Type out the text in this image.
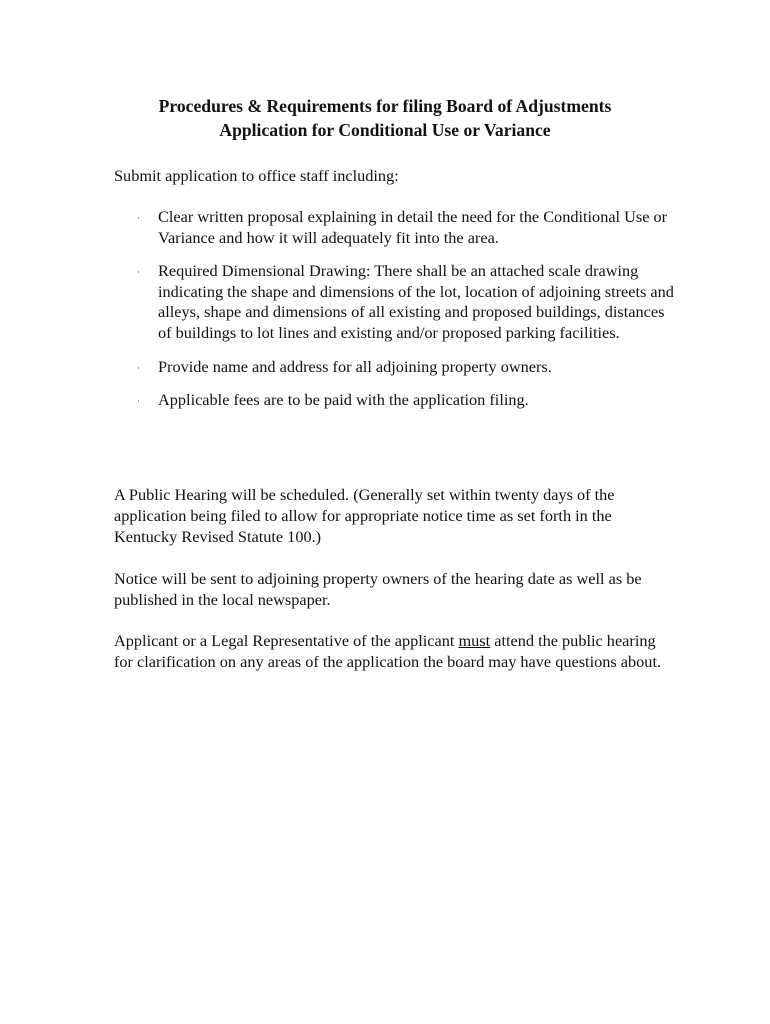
Procedures & Requirements for filing Board of Adjustments
Application for Conditional Use or Variance

Submit application to office staff including:

· Clear written proposal explaining in detail the need for the Conditional Use or Variance and how it will adequately fit into the area.
· Required Dimensional Drawing: There shall be an attached scale drawing indicating the shape and dimensions of the lot, location of adjoining streets and alleys, shape and dimensions of all existing and proposed buildings, distances of buildings to lot lines and existing and/or proposed parking facilities.
· Provide name and address for all adjoining property owners.
· Applicable fees are to be paid with the application filing.

A Public Hearing will be scheduled. (Generally set within twenty days of the application being filed to allow for appropriate notice time as set forth in the Kentucky Revised Statute 100.)

Notice will be sent to adjoining property owners of the hearing date as well as be published in the local newspaper.

Applicant or a Legal Representative of the applicant must attend the public hearing for clarification on any areas of the application the board may have questions about.
